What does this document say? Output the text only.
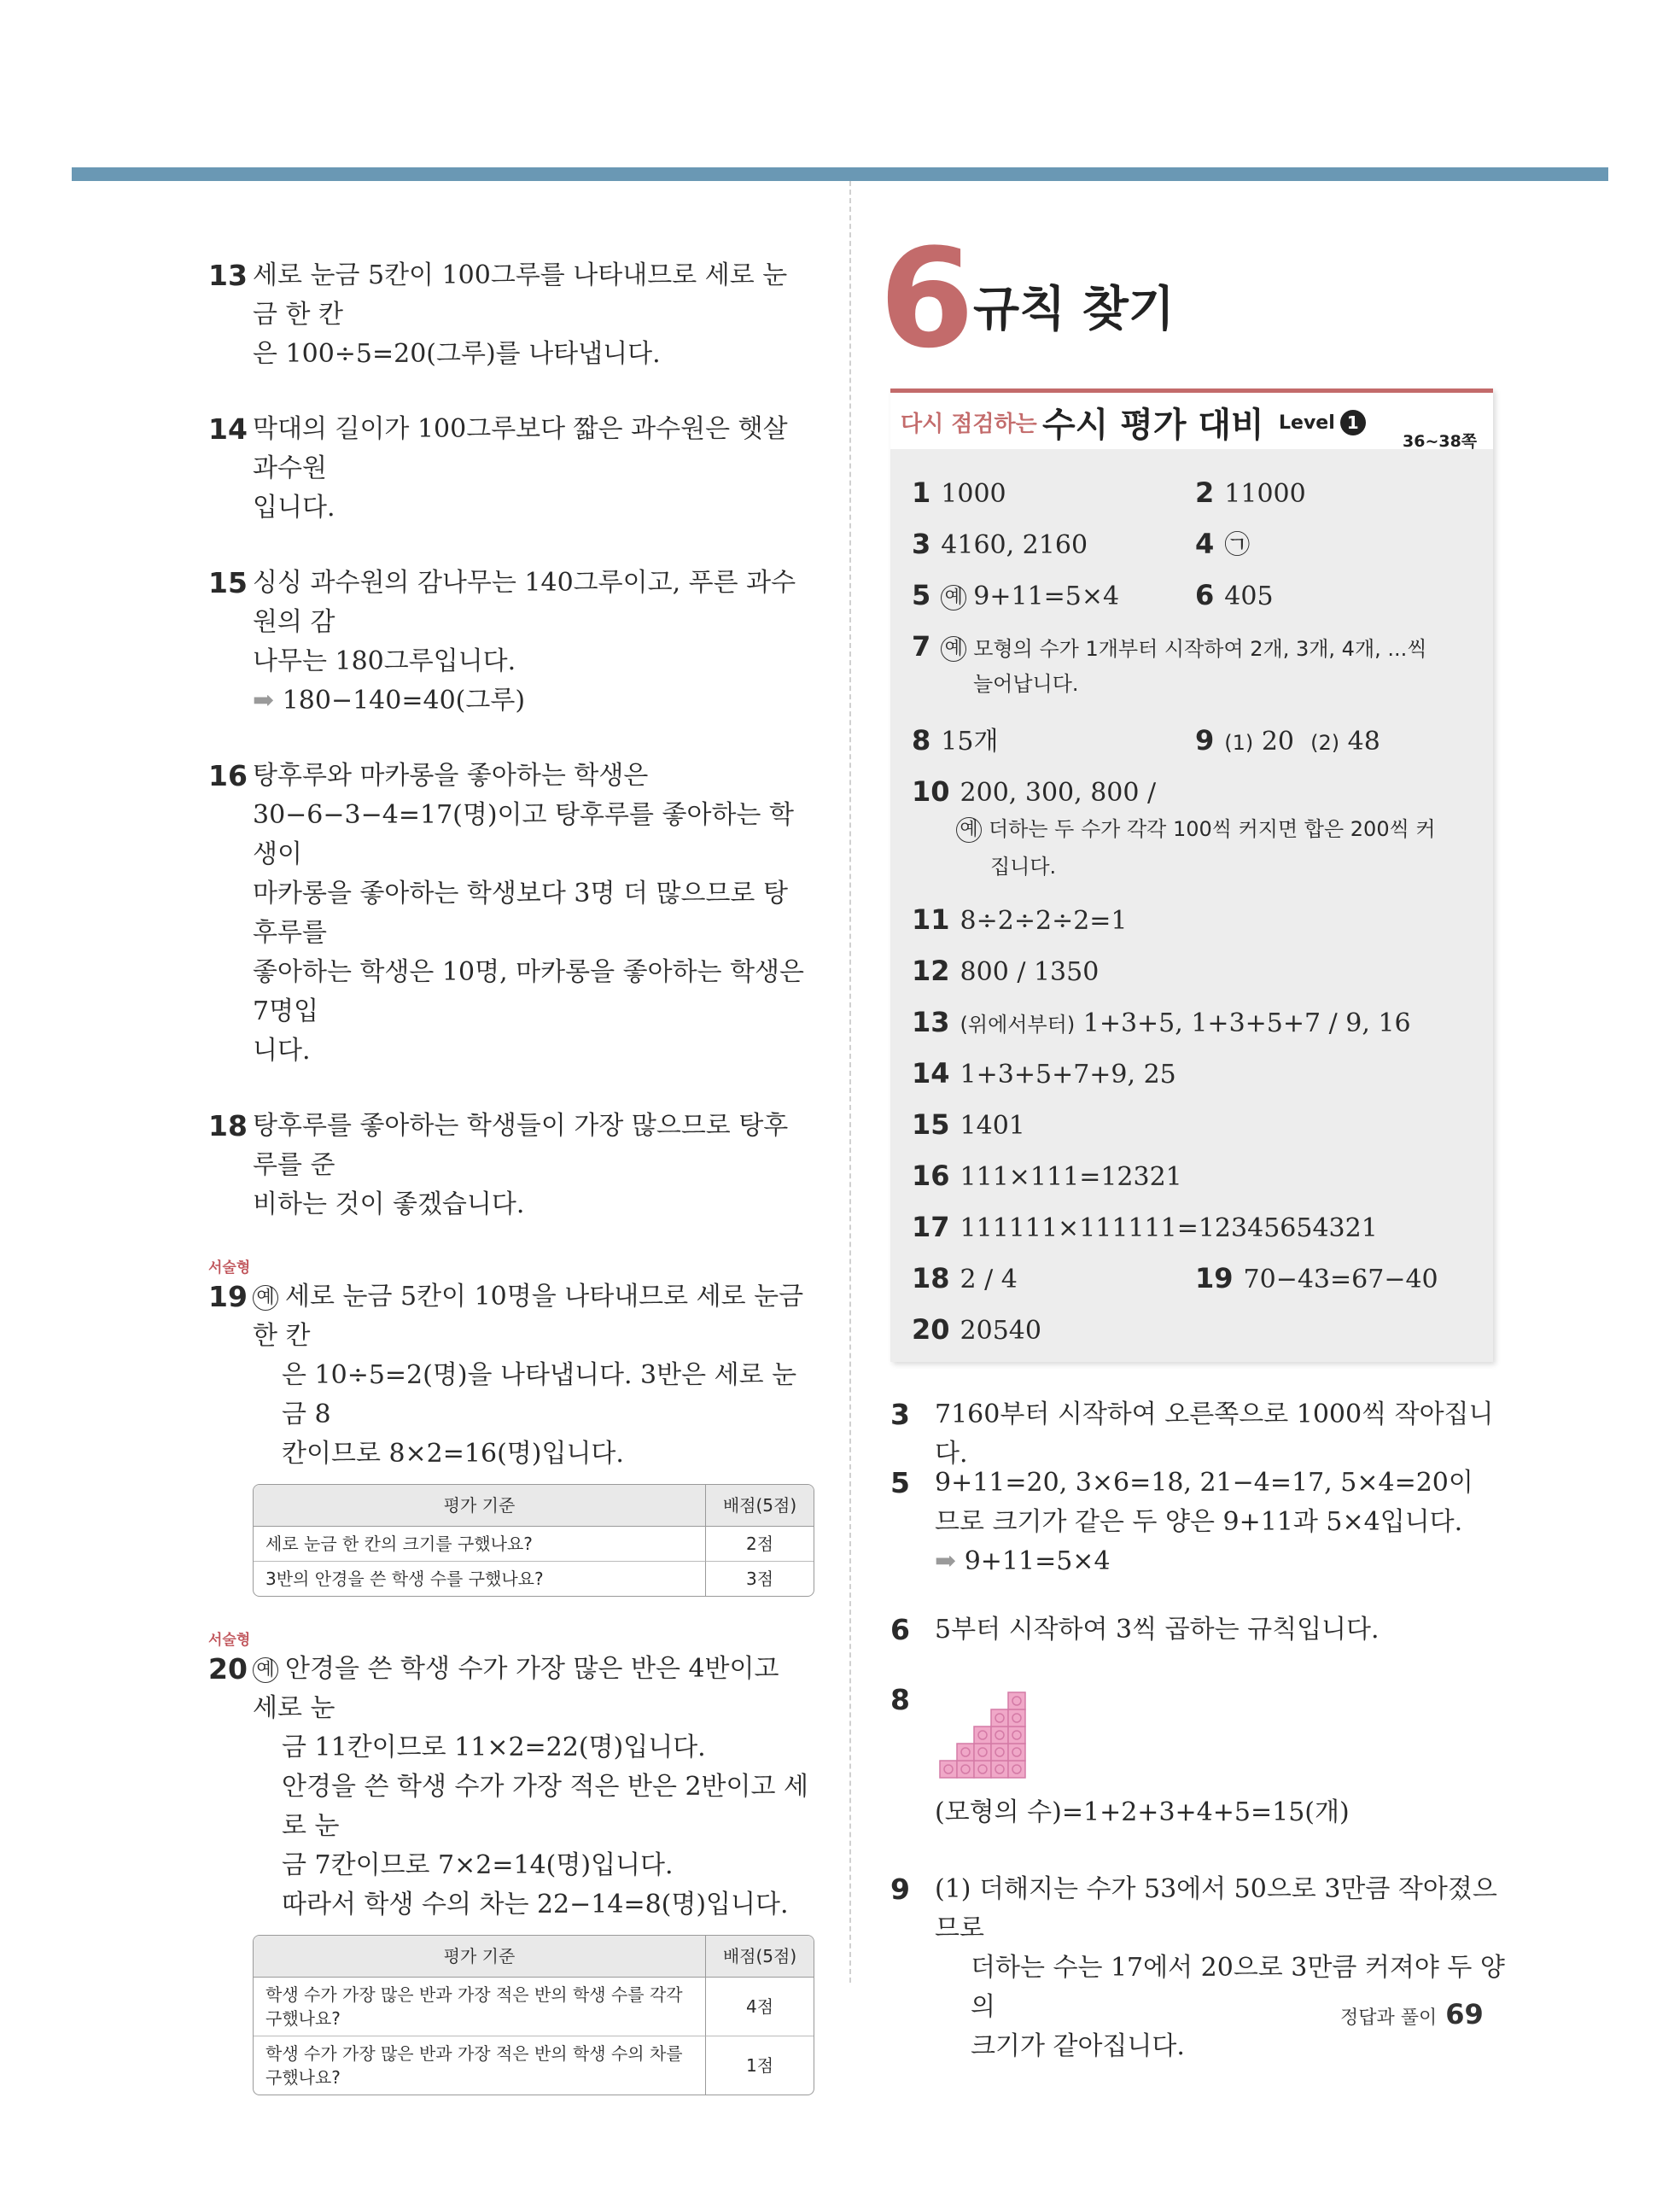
13 세로 눈금 5칸이 100그루를 나타내므로 세로 눈금 한 칸

은 100÷5=20(그루)를 나타냅니다.

14 막대의 길이가 100그루보다 짧은 과수원은 햇살 과수원

입니다.

15 싱싱 과수원의 감나무는 140그루이고, 푸른 과수원의 감

나무는 180그루입니다.

➡ 180−140=40(그루)

16 탕후루와 마카롱을 좋아하는 학생은

30−6−3−4=17(명)이고 탕후루를 좋아하는 학생이

마카롱을 좋아하는 학생보다 3명 더 많으므로 탕후루를

좋아하는 학생은 10명, 마카롱을 좋아하는 학생은 7명입

니다.

18 탕후루를 좋아하는 학생들이 가장 많으므로 탕후루를 준

비하는 것이 좋겠습니다.

서술형
19 예 세로 눈금 5칸이 10명을 나타내므로 세로 눈금 한 칸

은 10÷5=2(명)을 나타냅니다. 3반은 세로 눈금 8

칸이므로 8×2=16(명)입니다.

평가 기준	배점(5점)
세로 눈금 한 칸의 크기를 구했나요?	2점
3반의 안경을 쓴 학생 수를 구했나요?	3점
서술형
20 예 안경을 쓴 학생 수가 가장 많은 반은 4반이고 세로 눈

금 11칸이므로 11×2=22(명)입니다.

안경을 쓴 학생 수가 가장 적은 반은 2반이고 세로 눈

금 7칸이므로 7×2=14(명)입니다.

따라서 학생 수의 차는 22−14=8(명)입니다.

평가 기준	배점(5점)
학생 수가 가장 많은 반과 가장 적은 반의 학생 수를 각각 구했나요?	4점
학생 수가 가장 많은 반과 가장 적은 반의 학생 수의 차를 구했나요?	1점
6
규칙 찾기
다시 점검하는 수시 평가 대비 Level 1
36~38쪽
1 1000	2 11000
3 4160, 2160	4 ㉠
5 예 9+11=5×4	6 405
7 예 모형의 수가 1개부터 시작하여 2개, 3개, 4개, ...씩
늘어납니다.
8 15개	9 (1) 20 (2) 48
10 200, 300, 800 /
예 더하는 두 수가 각각 100씩 커지면 합은 200씩 커
집니다.
11 8÷2÷2÷2=1
12 800 / 1350
13 (위에서부터) 1+3+5, 1+3+5+7 / 9, 16
14 1+3+5+7+9, 25
15 1401
16 111×111=12321
17 111111×111111=12345654321
18 2 / 4	19 70−43=67−40
20 20540
3 7160부터 시작하여 오른쪽으로 1000씩 작아집니다.

5 9+11=20, 3×6=18, 21−4=17, 5×4=20이

므로 크기가 같은 두 양은 9+11과 5×4입니다.

➡ 9+11=5×4

6 5부터 시작하여 3씩 곱하는 규칙입니다.

8

(모형의 수)=1+2+3+4+5=15(개)

9 (1) 더해지는 수가 53에서 50으로 3만큼 작아졌으므로

더하는 수는 17에서 20으로 3만큼 커져야 두 양의

크기가 같아집니다.

정답과 풀이 69
